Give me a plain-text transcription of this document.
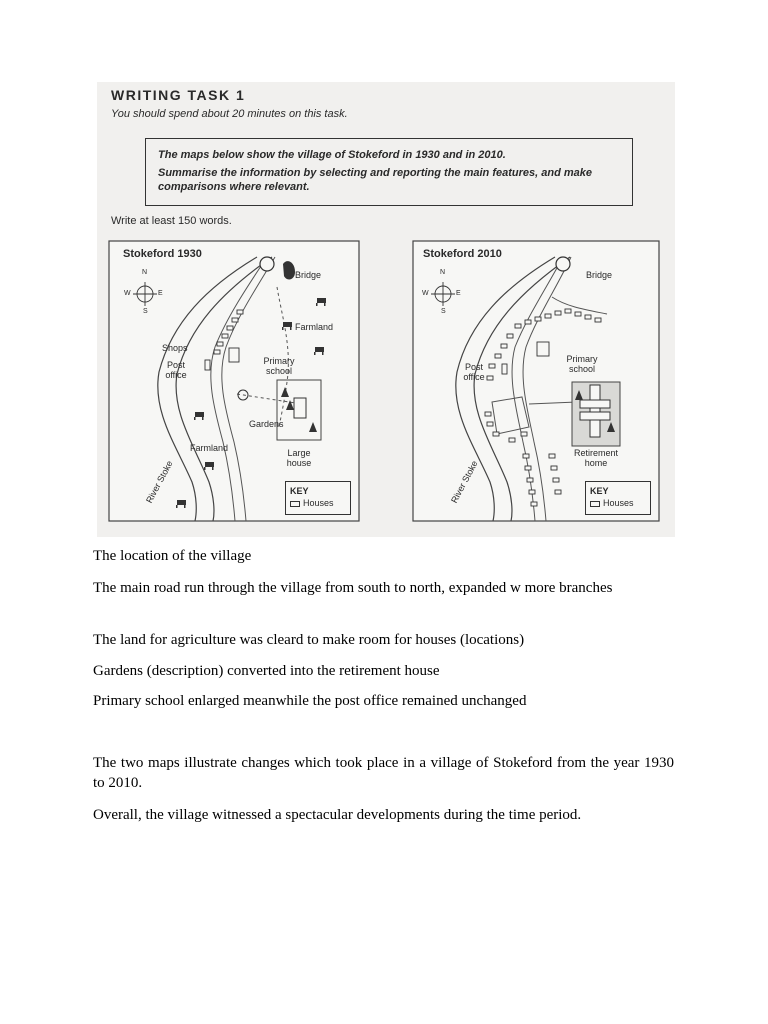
WRITING TASK 1
You should spend about 20 minutes on this task.

The maps below show the village of Stokeford in 1930 and in 2010.

Summarise the information by selecting and reporting the main features, and make comparisons where relevant.

Write at least 150 words.
Stokeford 1930
N
S
E
W
Bridge
Farmland
Shops
Post office
Primary school
Gardens
Farmland	Large house
River Stoke	KEY
Houses
Stokeford 2010
N
S
E
W
Bridge
Post office
Primary school
Retirement home
River Stoke	KEY
Houses
The location of the village
The main road run through the village from south to north, expanded w more branches
The land for agriculture was cleard to make room for houses (locations)
Gardens (description) converted into the retirement house
Primary school enlarged meanwhile the post office remained unchanged
The two maps illustrate changes which took place in a village of Stokeford from the year 1930 to 2010.
Overall, the village witnessed a spectacular developments during the time period.
